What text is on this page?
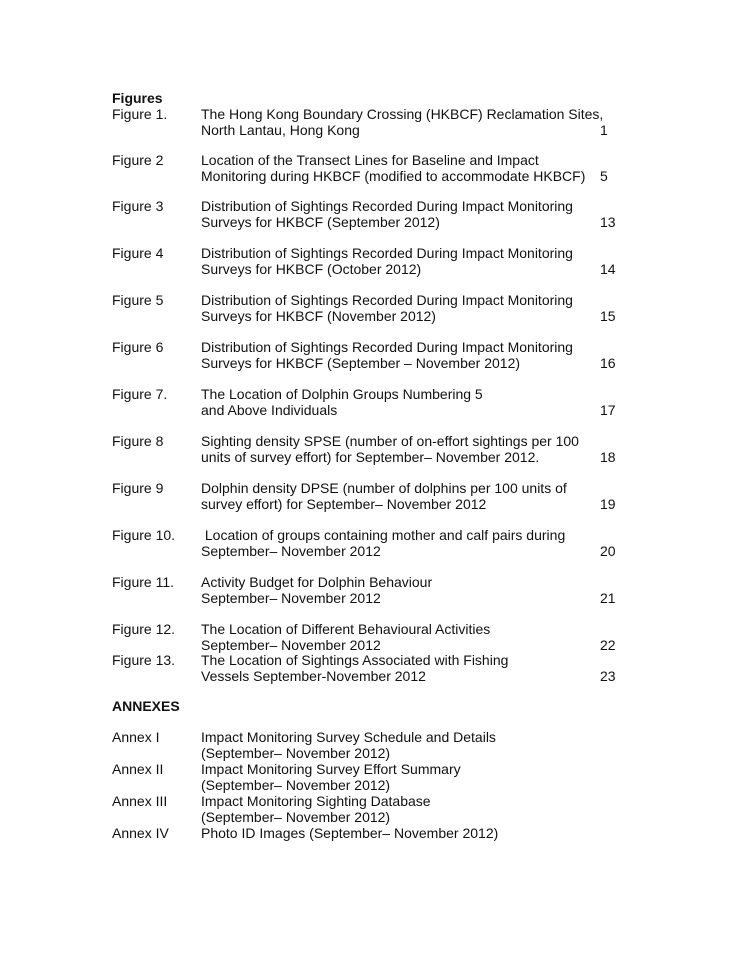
Figures
Figure 1. The Hong Kong Boundary Crossing (HKBCF) Reclamation Sites,
North Lantau, Hong Kong	1
Figure 2	Location of the Transect Lines for Baseline and Impact
Monitoring during HKBCF (modified to accommodate HKBCF)	5
Figure 3	Distribution of Sightings Recorded During Impact Monitoring
Surveys for HKBCF (September 2012)	13
Figure 4	Distribution of Sightings Recorded During Impact Monitoring
Surveys for HKBCF (October 2012)	14
Figure 5	Distribution of Sightings Recorded During Impact Monitoring
Surveys for HKBCF (November 2012)	15
Figure 6	Distribution of Sightings Recorded During Impact Monitoring
Surveys for HKBCF (September – November 2012)	16
Figure 7. The Location of Dolphin Groups Numbering 5
and Above Individuals	17
Figure 8	Sighting density SPSE (number of on-effort sightings per 100
units of survey effort) for September– November 2012.	18
Figure 9	Dolphin density DPSE (number of dolphins per 100 units of
survey effort) for September– November 2012	19
Figure 10. Location of groups containing mother and calf pairs during
September– November 2012	20
Figure 11. Activity Budget for Dolphin Behaviour
September– November 2012	21
Figure 12. The Location of Different Behavioural Activities
September– November 2012	22
Figure 13. The Location of Sightings Associated with Fishing
Vessels September-November 2012	23
ANNEXES
Annex I	Impact Monitoring Survey Schedule and Details
(September– November 2012)
Annex II	Impact Monitoring Survey Effort Summary
(September– November 2012)
Annex III Impact Monitoring Sighting Database
(September– November 2012)
Annex IV Photo ID Images (September– November 2012)
